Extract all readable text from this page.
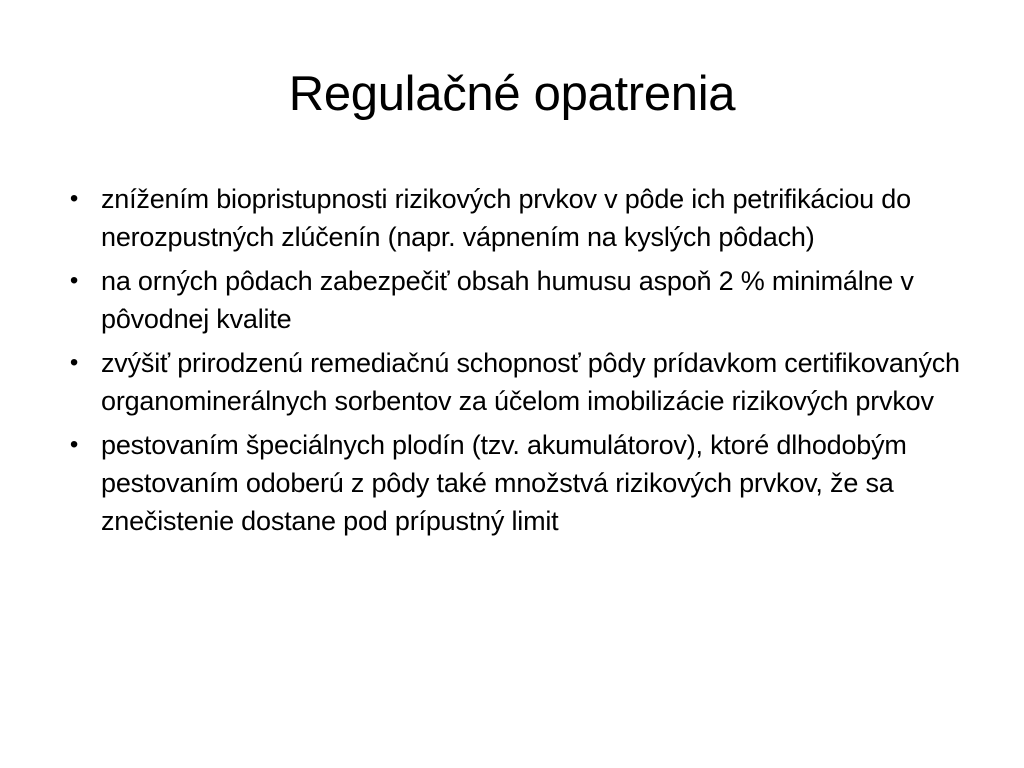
Regulačné opatrenia
• znížením biopristupnosti rizikových prvkov v pôde ich petrifikáciou do nerozpustných zlúčenín (napr. vápnením na kyslých pôdach)
• na orných pôdach zabezpečiť obsah humusu aspoň 2 % minimálne v pôvodnej kvalite
• zvýšiť prirodzenú remediačnú schopnosť pôdy prídavkom certifikovaných organominerálnych sorbentov za účelom imobilizácie rizikových prvkov
• pestovaním špeciálnych plodín (tzv. akumulátorov), ktoré dlhodobým pestovaním odoberú z pôdy také množstvá rizikových prvkov, že sa znečistenie dostane pod prípustný limit
